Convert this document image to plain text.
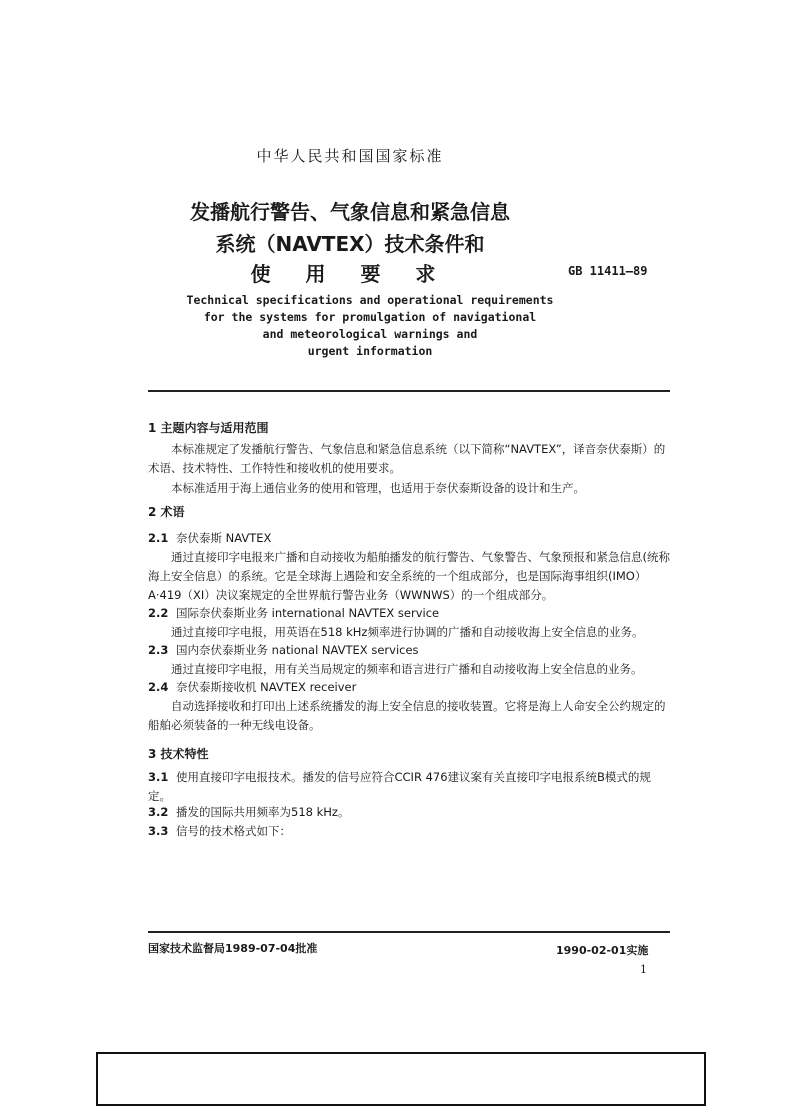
中华人民共和国国家标准
发播航行警告、气象信息和紧急信息
系统（NAVTEX）技术条件和
使 用 要 求	GB 11411—89
Technical specifications and operational requirements
for the systems for promulgation of navigational
and meteorological warnings and
urgent information
1 主题内容与适用范围
本标准规定了发播航行警告、气象信息和紧急信息系统（以下简称“NAVTEX”，译音奈伏泰斯）的术语、技术特性、工作特性和接收机的使用要求。
本标准适用于海上通信业务的使用和管理，也适用于奈伏泰斯设备的设计和生产。
2 术语
2.1 奈伏泰斯 NAVTEX
通过直接印字电报来广播和自动接收为船舶播发的航行警告、气象警告、气象预报和紧急信息(统称海上安全信息）的系统。它是全球海上遇险和安全系统的一个组成部分，也是国际海事组织(IMO）A·419（XI）决议案规定的全世界航行警告业务（WWNWS）的一个组成部分。
2.2 国际奈伏泰斯业务 international NAVTEX service
通过直接印字电报，用英语在518 kHz频率进行协调的广播和自动接收海上安全信息的业务。
2.3 国内奈伏泰斯业务 national NAVTEX services
通过直接印字电报，用有关当局规定的频率和语言进行广播和自动接收海上安全信息的业务。
2.4 奈伏泰斯接收机 NAVTEX receiver
自动选择接收和打印出上述系统播发的海上安全信息的接收装置。它将是海上人命安全公约规定的船舶必须装备的一种无线电设备。
3 技术特性
3.1 使用直接印字电报技术。播发的信号应符合CCIR 476建议案有关直接印字电报系统B模式的规定。
3.2 播发的国际共用频率为518 kHz。
3.3 信号的技术格式如下：
国家技术监督局1989-07-04批准	1990-02-01实施
1
